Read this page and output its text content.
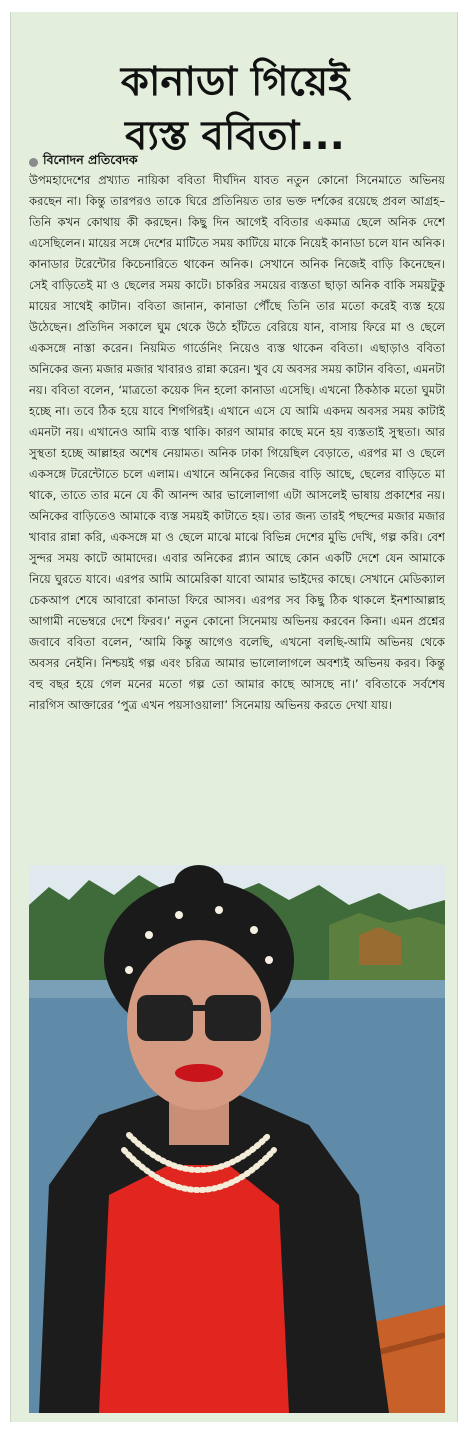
কানাডা গিয়েই
ব্যস্ত ববিতা...
বিনোদন প্রতিবেদক

উপমহাদেশের প্রখ্যাত নায়িকা ববিতা দীর্ঘদিন যাবত নতুন কোনো সিনেমাতে অভিনয় করছেন না। কিন্তু তারপরও তাকে ঘিরে প্রতিনিয়ত তার ভক্ত দর্শকের রয়েছে প্রবল আগ্রহ– তিনি কখন কোথায় কী করছেন। কিছু দিন আগেই ববিতার একমাত্র ছেলে অনিক দেশে এসেছিলেন। মায়ের সঙ্গে দেশের মাটিতে সময় কাটিয়ে মাকে নিয়েই কানাডা চলে যান অনিক। কানাডার টরেন্টোর কিচেনারিতে থাকেন অনিক। সেখানে অনিক নিজেই বাড়ি কিনেছেন। সেই বাড়িতেই মা ও ছেলের সময় কাটে। চাকরির সময়ের ব্যস্ততা ছাড়া অনিক বাকি সময়টুকু মায়ের সাথেই কাটান। ববিতা জানান, কানাডা পৌঁছে তিনি তার মতো করেই ব্যস্ত হয়ে উঠেছেন। প্রতিদিন সকালে ঘুম থেকে উঠে হাঁটতে বেরিয়ে যান, বাসায় ফিরে মা ও ছেলে একসঙ্গে নাস্তা করেন। নিয়মিত গার্ডেনিং নিয়েও ব্যস্ত থাকেন ববিতা। এছাড়াও ববিতা অনিকের জন্য মজার মজার খাবারও রান্না করেন। খুব যে অবসর সময় কাটান ববিতা, এমনটা নয়। ববিতা বলেন, ‘মাত্রতো কয়েক দিন হলো কানাডা এসেছি। এখনো ঠিকঠাক মতো ঘুমটা হচ্ছে না। তবে ঠিক হয়ে যাবে শিগগিরই। এখানে এসে যে আমি একদম অবসর সময় কাটাই এমনটা নয়। এখানেও আমি ব্যস্ত থাকি। কারণ আমার কাছে মনে হয় ব্যস্ততাই সুস্থতা। আর সুস্থতা হচ্ছে আল্লাহর অশেষ নেয়ামত। অনিক ঢাকা গিয়েছিল বেড়াতে, এরপর মা ও ছেলে একসঙ্গে টরেন্টোতে চলে এলাম। এখানে অনিকের নিজের বাড়ি আছে, ছেলের বাড়িতে মা থাকে, তাতে তার মনে যে কী আনন্দ আর ভালোলাগা এটা আসলেই ভাষায় প্রকাশের নয়। অনিকের বাড়িতেও আমাকে ব্যস্ত সময়ই কাটাতে হয়। তার জন্য তারই পছন্দের মজার মজার খাবার রান্না করি, একসঙ্গে মা ও ছেলে মাঝে মাঝে বিভিন্ন দেশের মুভি দেখি, গল্প করি। বেশ সুন্দর সময় কাটে আমাদের। এবার অনিকের প্ল্যান আছে কোন একটি দেশে যেন আমাকে নিয়ে ঘুরতে যাবে। এরপর আমি আমেরিকা যাবো আমার ভাইদের কাছে। সেখানে মেডিক্যাল চেকআপ শেষে আবারো কানাডা ফিরে আসব। এরপর সব কিছু ঠিক থাকলে ইনশাআল্লাহ আগামী নভেম্বরে দেশে ফিরব।’ নতুন কোনো সিনেমায় অভিনয় করবেন কিনা। এমন প্রশ্নের জবাবে ববিতা বলেন, ‘আমি কিন্তু আগেও বলেছি, এখনো বলছি-আমি অভিনয় থেকে অবসর নেইনি। নিশ্চয়ই গল্প এবং চরিত্র আমার ভালোলাগলে অবশ্যই অভিনয় করব। কিন্তু বহু বছর হয়ে গেল মনের মতো গল্প তো আমার কাছে আসছে না।’ ববিতাকে সর্বশেষ নারগিস আক্তারের ‘পুত্র এখন পয়সাওয়ালা’ সিনেমায় অভিনয় করতে দেখা যায়।
